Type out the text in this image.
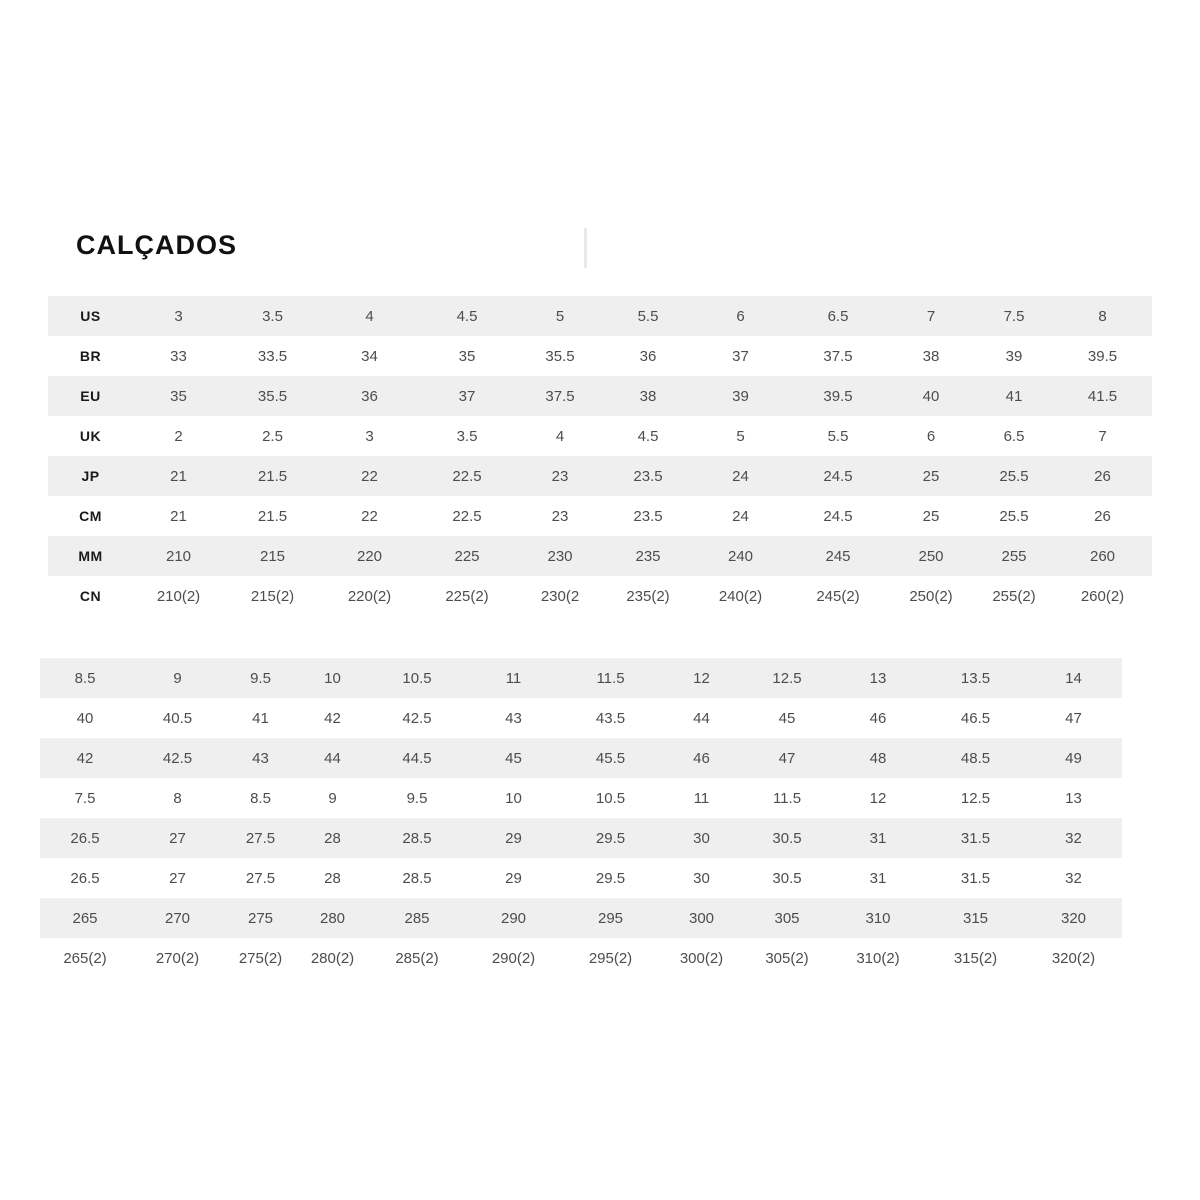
CALÇADOS
US	3	3.5	4	4.5	5	5.5	6	6.5	7	7.5	8
BR	33	33.5	34	35	35.5	36	37	37.5	38	39	39.5
EU	35	35.5	36	37	37.5	38	39	39.5	40	41	41.5
UK	2	2.5	3	3.5	4	4.5	5	5.5	6	6.5	7
JP	21	21.5	22	22.5	23	23.5	24	24.5	25	25.5	26
CM	21	21.5	22	22.5	23	23.5	24	24.5	25	25.5	26
MM	210	215	220	225	230	235	240	245	250	255	260
CN	210(2)	215(2)	220(2)	225(2)	230(2	235(2)	240(2)	245(2)	250(2)	255(2)	260(2)
8.5	9	9.5	10	10.5	11	11.5	12	12.5	13	13.5	14
40	40.5	41	42	42.5	43	43.5	44	45	46	46.5	47
42	42.5	43	44	44.5	45	45.5	46	47	48	48.5	49
7.5	8	8.5	9	9.5	10	10.5	11	11.5	12	12.5	13
26.5	27	27.5	28	28.5	29	29.5	30	30.5	31	31.5	32
26.5	27	27.5	28	28.5	29	29.5	30	30.5	31	31.5	32
265	270	275	280	285	290	295	300	305	310	315	320
265(2)	270(2)	275(2)	280(2)	285(2)	290(2)	295(2)	300(2)	305(2)	310(2)	315(2)	320(2)
